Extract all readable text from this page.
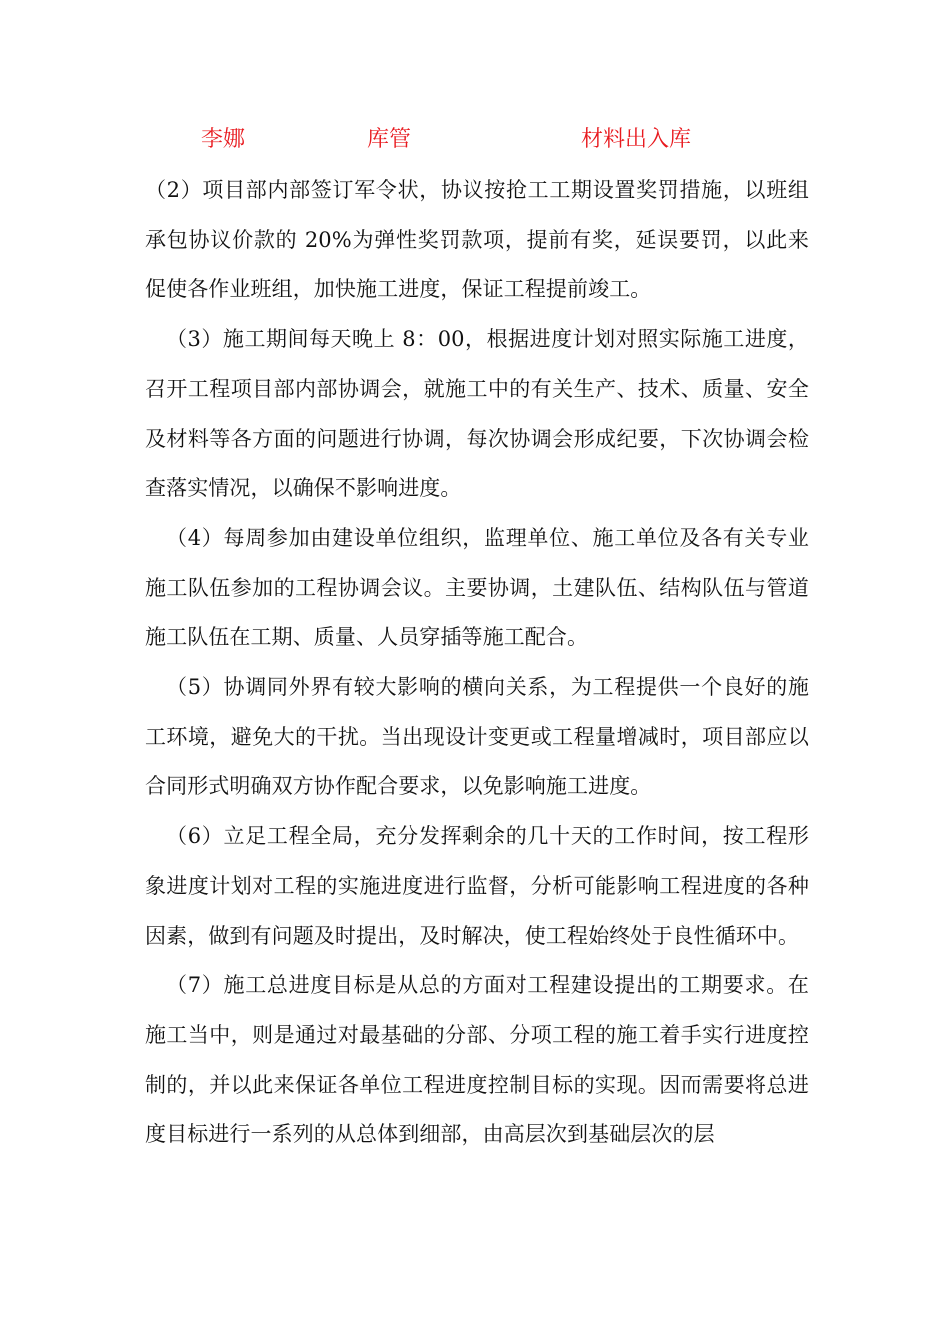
李娜	库管	材料出入库

（2）项目部内部签订军令状，协议按抢工工期设置奖罚措施，以班组承包协议价款的 20%为弹性奖罚款项，提前有奖，延误要罚，以此来促使各作业班组，加快施工进度，保证工程提前竣工。

（3）施工期间每天晚上 8：00，根据进度计划对照实际施工进度，召开工程项目部内部协调会，就施工中的有关生产、技术、质量、安全及材料等各方面的问题进行协调，每次协调会形成纪要，下次协调会检查落实情况，以确保不影响进度。

（4）每周参加由建设单位组织，监理单位、施工单位及各有关专业施工队伍参加的工程协调会议。主要协调，土建队伍、结构队伍与管道施工队伍在工期、质量、人员穿插等施工配合。

（5）协调同外界有较大影响的横向关系，为工程提供一个良好的施工环境，避免大的干扰。当出现设计变更或工程量增减时，项目部应以合同形式明确双方协作配合要求，以免影响施工进度。

（6）立足工程全局，充分发挥剩余的几十天的工作时间，按工程形象进度计划对工程的实施进度进行监督，分析可能影响工程进度的各种因素，做到有问题及时提出，及时解决，使工程始终处于良性循环中。

（7）施工总进度目标是从总的方面对工程建设提出的工期要求。在施工当中，则是通过对最基础的分部、分项工程的施工着手实行进度控制的，并以此来保证各单位工程进度控制目标的实现。因而需要将总进度目标进行一系列的从总体到细部，由高层次到基础层次的层
